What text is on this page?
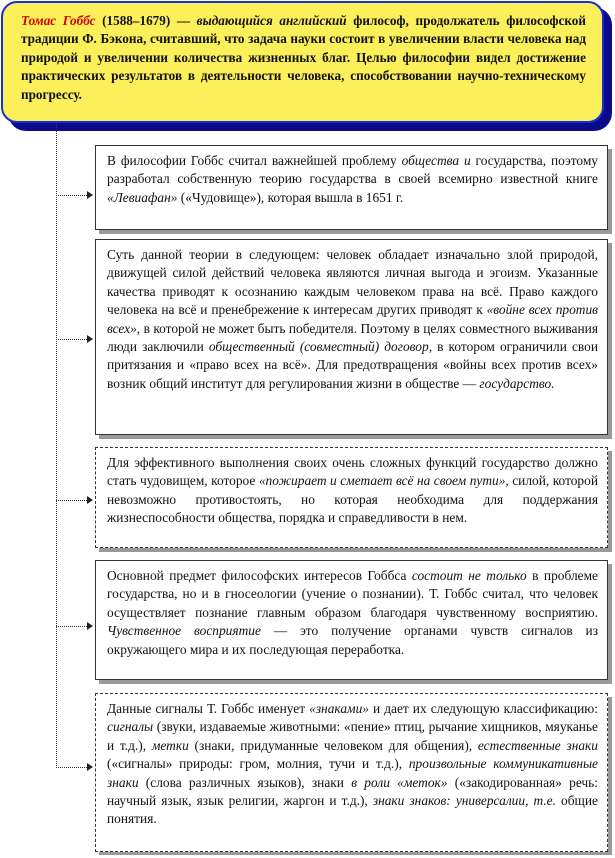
Томас Гоббс (1588–1679) — выдающийся английский философ, продолжатель философской традиции Ф. Бэкона, считавший, что задача науки состоит в увеличении власти человека над природой и увеличении количества жизненных благ. Целью философии видел достижение практических результатов в деятельности человека, способствовании научно-техническому прогрессу.
В философии Гоббс считал важнейшей проблему общества и государства, поэтому разработал собственную теорию государства в своей всемирно известной книге «Левиафан» («Чудовище»), которая вышла в 1651 г.
Суть данной теории в следующем: человек обладает изначально злой природой, движущей силой действий человека являются личная выгода и эгоизм. Указанные качества приводят к осознанию каждым человеком права на всё. Право каждого человека на всё и пренебрежение к интересам других приводят к «войне всех против всех», в которой не может быть победителя. Поэтому в целях совместного выживания люди заключили общественный (совместный) договор, в котором ограничили свои притязания и «право всех на всё». Для предотвращения «войны всех против всех» возник общий институт для регулирования жизни в обществе — государство.
Для эффективного выполнения своих очень сложных функций государство должно стать чудовищем, которое «пожирает и сметает всё на своем пути», силой, которой невозможно противостоять, но которая необходима для поддержания жизнеспособности общества, порядка и справедливости в нем.
Основной предмет философских интересов Гоббса состоит не только в проблеме государства, но и в гносеологии (учение о познании). Т. Гоббс считал, что человек осуществляет познание главным образом благодаря чувственному восприятию. Чувственное восприятие — это получение органами чувств сигналов из окружающего мира и их последующая переработка.
Данные сигналы Т. Гоббс именует «знаками» и дает их следующую классификацию: сигналы (звуки, издаваемые животными: «пение» птиц, рычание хищников, мяуканье и т.д.), метки (знаки, придуманные человеком для общения), естественные знаки («сигналы» природы: гром, молния, тучи и т.д.), произвольные коммуникативные знаки (слова различных языков), знаки в роли «меток» («закодированная» речь: научный язык, язык религии, жаргон и т.д.), знаки знаков: универсалии, т.е. общие понятия.
